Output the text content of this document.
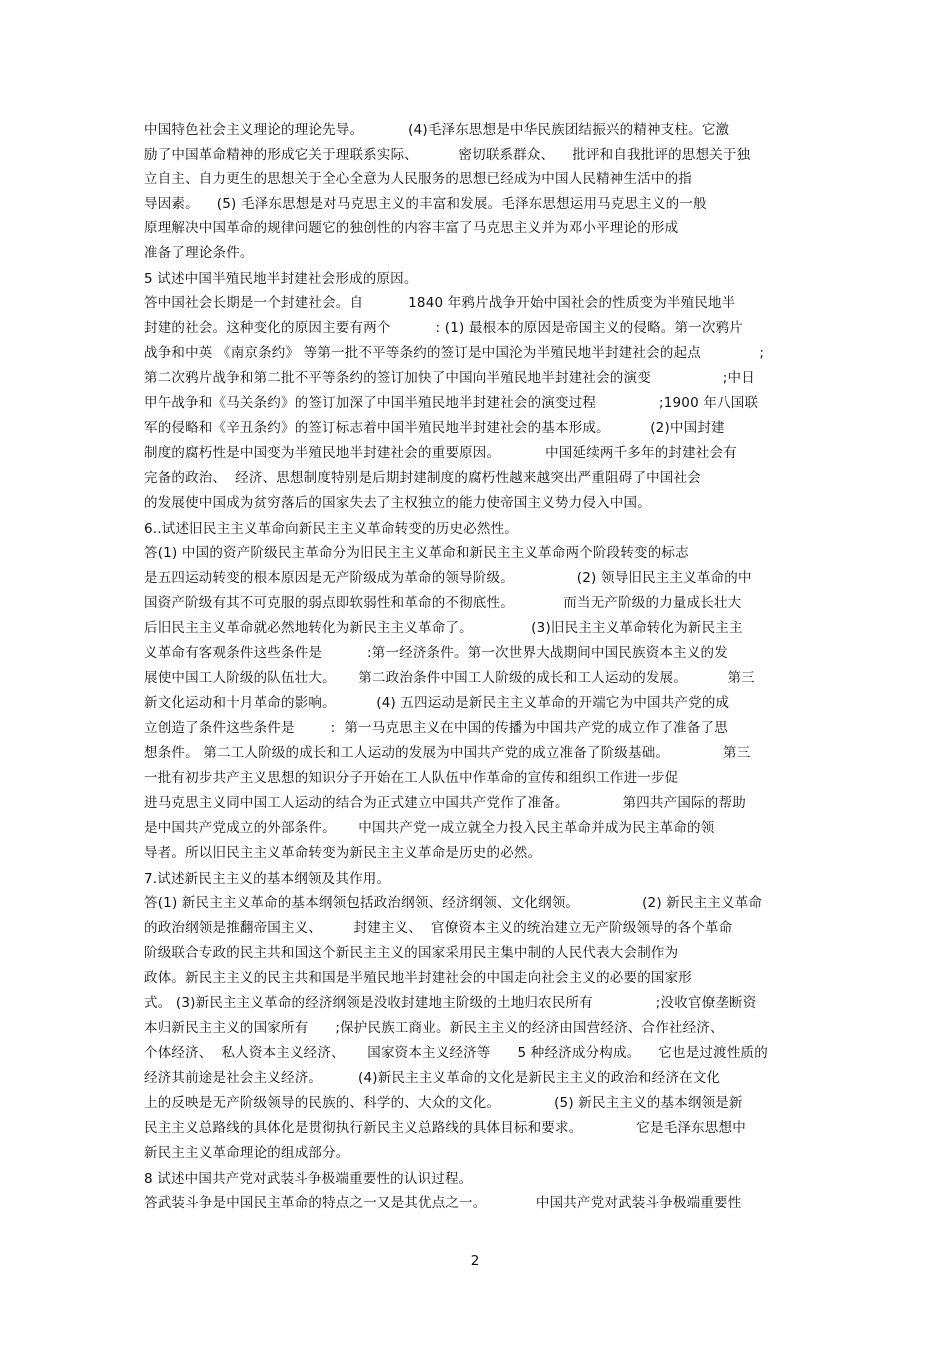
中国特色社会主义理论的理论先导。          (4)毛泽东思想是中华民族团结振兴的精神支柱。它激
励了中国革命精神的形成它关于理联系实际、         密切联系群众、    批评和自我批评的思想关于独
立自主、自力更生的思想关于全心全意为人民服务的思想已经成为中国人民精神生活中的指
导因素。    (5) 毛泽东思想是对马克思主义的丰富和发展。毛泽东思想运用马克思主义的一般
原理解决中国革命的规律问题它的独创性的内容丰富了马克思主义并为邓小平理论的形成
准备了理论条件。
5 试述中国半殖民地半封建社会形成的原因。
答中国社会长期是一个封建社会。自          1840 年鸦片战争开始中国社会的性质变为半殖民地半
封建的社会。这种变化的原因主要有两个          : (1) 最根本的原因是帝国主义的侵略。第一次鸦片
战争和中英 《南京条约》 等第一批不平等条约的签订是中国沦为半殖民地半封建社会的起点             ;
第二次鸦片战争和第二批不平等条约的签订加快了中国向半殖民地半封建社会的演变                ;中日
甲午战争和《马关条约》的签订加深了中国半殖民地半封建社会的演变过程              ;1900 年八国联
军的侵略和《辛丑条约》的签订标志着中国半殖民地半封建社会的基本形成。         (2)中国封建
制度的腐朽性是中国变为半殖民地半封建社会的重要原因。          中国延续两千多年的封建社会有
完备的政治、  经济、思想制度特别是后期封建制度的腐朽性越来越突出严重阻碍了中国社会
的发展使中国成为贫穷落后的国家失去了主权独立的能力使帝国主义势力侵入中国。
6..试述旧民主主义革命向新民主主义革命转变的历史必然性。
答(1) 中国的资产阶级民主革命分为旧民主主义革命和新民主主义革命两个阶段转变的标志
是五四运动转变的根本原因是无产阶级成为革命的领导阶级。              (2) 领导旧民主主义革命的中
国资产阶级有其不可克服的弱点即软弱性和革命的不彻底性。           而当无产阶级的力量成长壮大
后旧民主主义革命就必然地转化为新民主主义革命了。             (3)旧民主主义革命转化为新民主主
义革命有客观条件这些条件是          :第一经济条件。第一次世界大战期间中国民族资本主义的发
展使中国工人阶级的队伍壮大。     第二政治条件中国工人阶级的成长和工人运动的发展。         第三
新文化运动和十月革命的影响。         (4) 五四运动是新民主主义革命的开端它为中国共产党的成
立创造了条件这些条件是        :  第一马克思主义在中国的传播为中国共产党的成立作了准备了思
想条件。 第二工人阶级的成长和工人运动的发展为中国共产党的成立准备了阶级基础。            第三
一批有初步共产主义思想的知识分子开始在工人队伍中作革命的宣传和组织工作进一步促
进马克思主义同中国工人运动的结合为正式建立中国共产党作了准备。            第四共产国际的帮助
是中国共产党成立的外部条件。     中国共产党一成立就全力投入民主革命并成为民主革命的领
导者。所以旧民主主义革命转变为新民主主义革命是历史的必然。
7.试述新民主主义的基本纲领及其作用。
答(1) 新民主主义革命的基本纲领包括政治纲领、经济纲领、文化纲领。              (2) 新民主主义革命
的政治纲领是推翻帝国主义、       封建主义、  官僚资本主义的统治建立无产阶级领导的各个革命
阶级联合专政的民主共和国这个新民主主义的国家采用民主集中制的人民代表大会制作为
政体。新民主主义的民主共和国是半殖民地半封建社会的中国走向社会主义的必要的国家形
式。 (3)新民主主义革命的经济纲领是没收封建地主阶级的土地归农民所有              ;没收官僚垄断资
本归新民主主义的国家所有      ;保护民族工商业。新民主主义的经济由国营经济、合作社经济、
个体经济、  私人资本主义经济、     国家资本主义经济等      5 种经济成分构成。    它也是过渡性质的
经济其前途是社会主义经济。        (4)新民主主义革命的文化是新民主主义的政治和经济在文化
上的反映是无产阶级领导的民族的、科学的、大众的文化。            (5) 新民主主义的基本纲领是新
民主主义总路线的具体化是贯彻执行新民主义总路线的具体目标和要求。            它是毛泽东思想中
新民主主义革命理论的组成部分。
8 试述中国共产党对武装斗争极端重要性的认识过程。
答武装斗争是中国民主革命的特点之一又是其优点之一。           中国共产党对武装斗争极端重要性
2
